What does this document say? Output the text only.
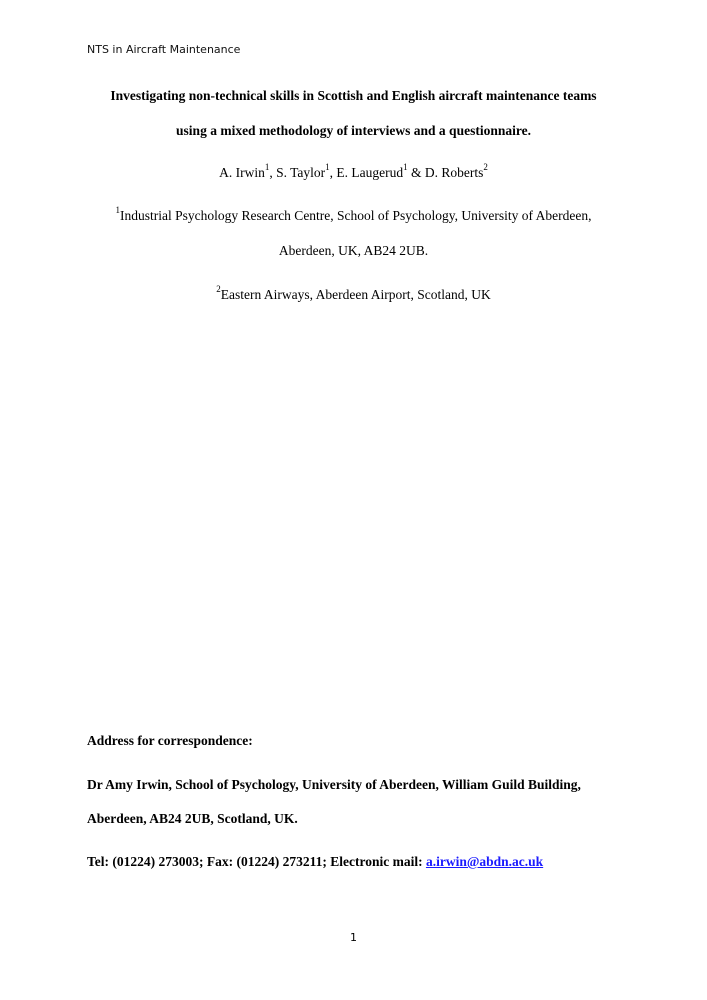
NTS in Aircraft Maintenance
Investigating non-technical skills in Scottish and English aircraft maintenance teams
using a mixed methodology of interviews and a questionnaire.
A. Irwin$^1$, S. Taylor$^1$, E. Laugerud$^1$ & D. Roberts$^2$
$^1$Industrial Psychology Research Centre, School of Psychology, University of Aberdeen,
Aberdeen, UK, AB24 2UB.
$^2$Eastern Airways, Aberdeen Airport, Scotland, UK
Address for correspondence:
Dr Amy Irwin, School of Psychology, University of Aberdeen, William Guild Building,
Aberdeen, AB24 2UB, Scotland, UK.
Tel: (01224) 273003; Fax: (01224) 273211; Electronic mail: a.irwin@abdn.ac.uk
1
